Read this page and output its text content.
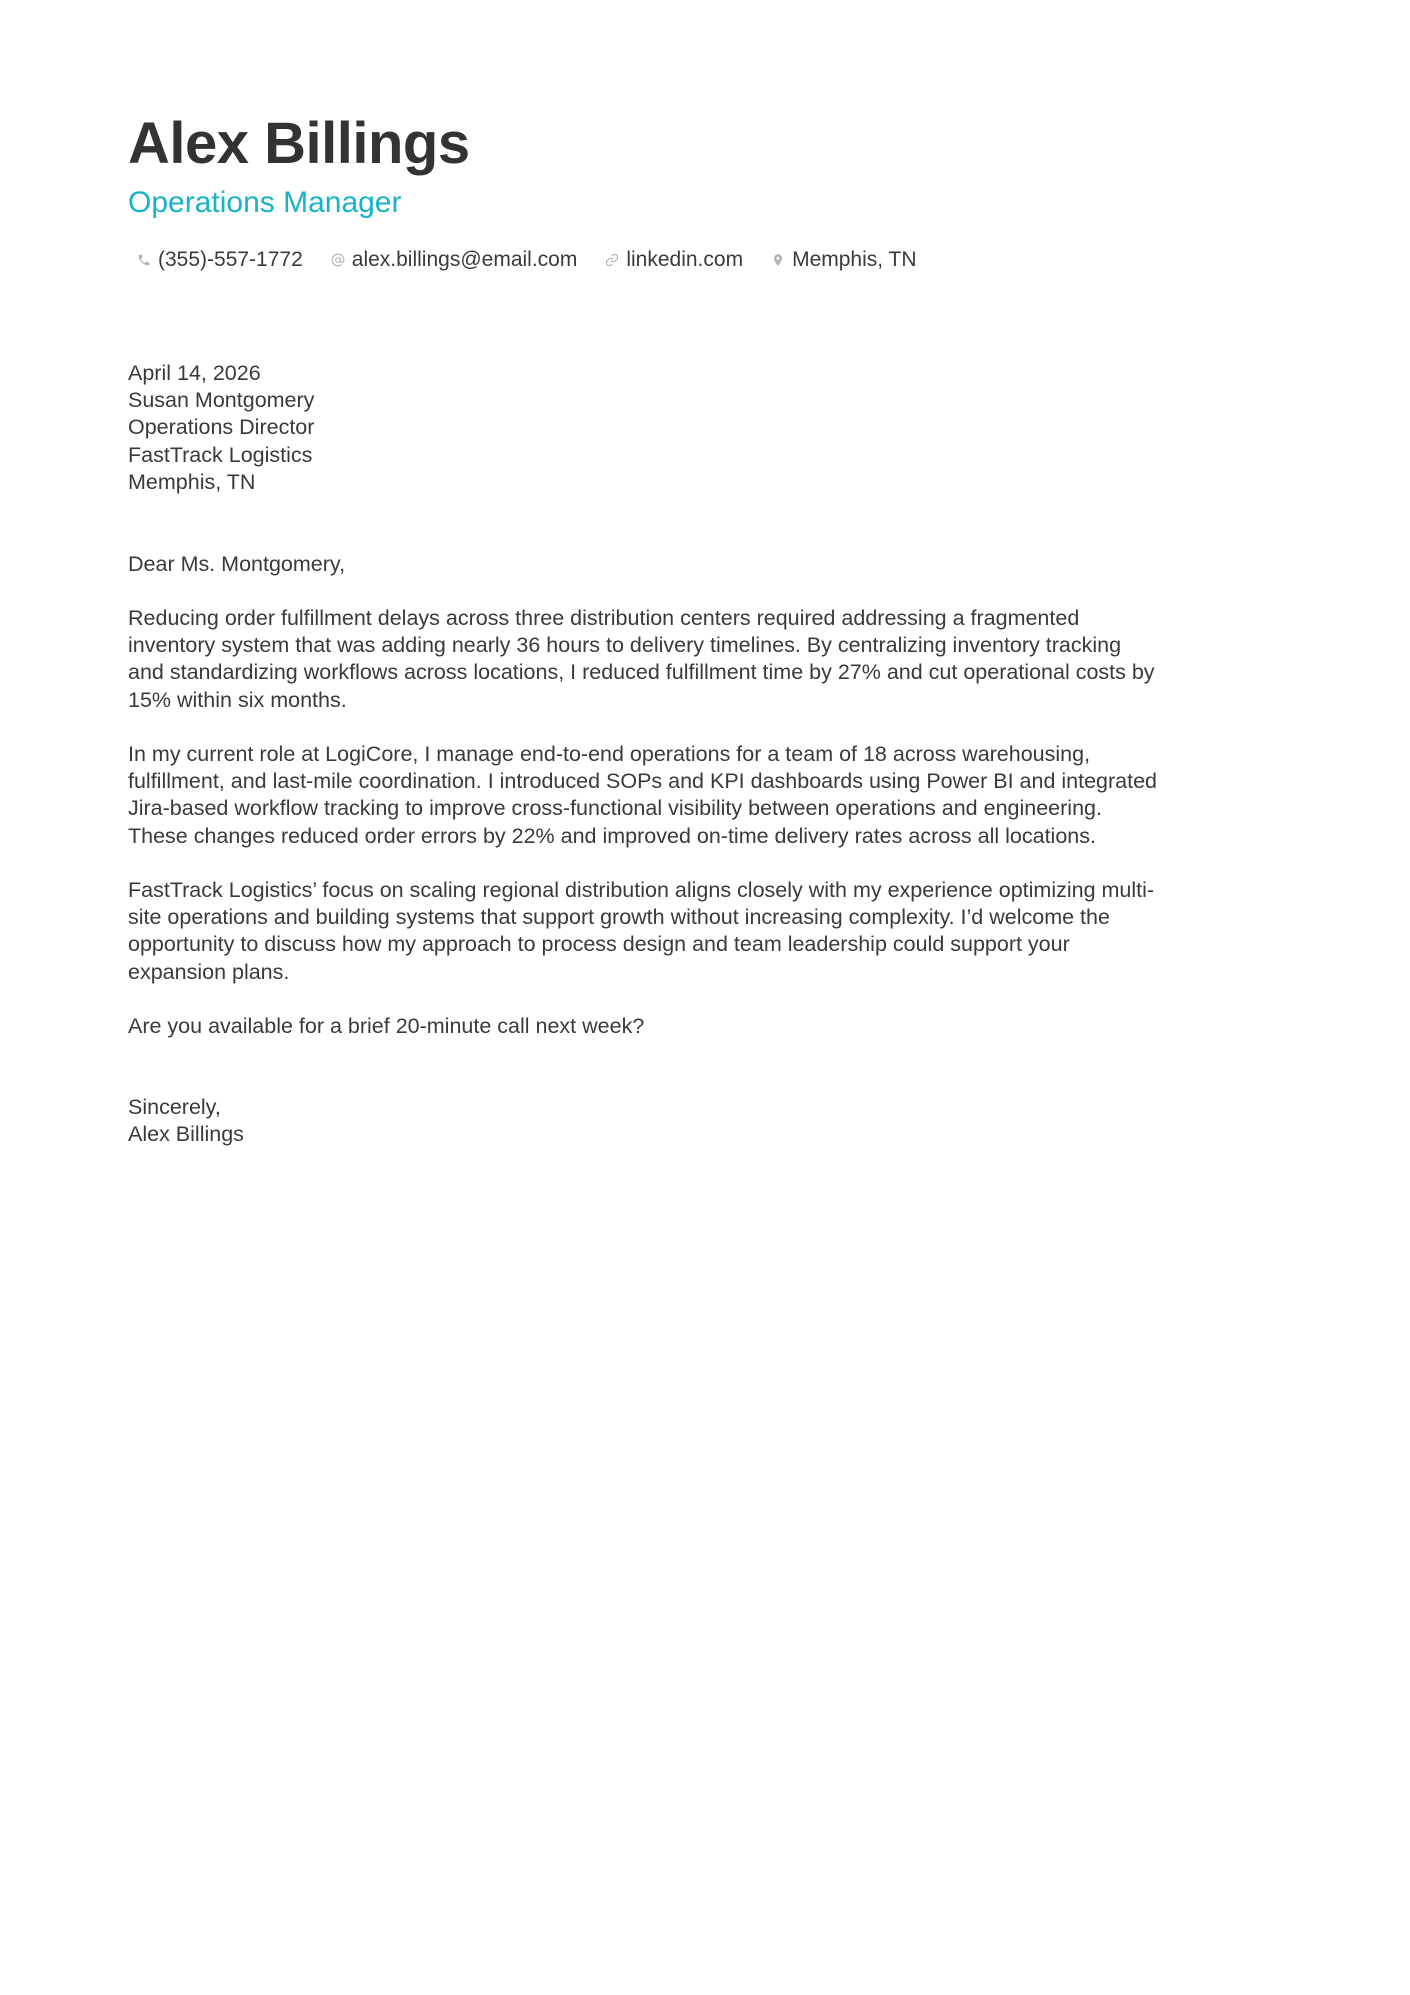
Alex Billings
Operations Manager
(355)-557-1772 alex.billings@email.com linkedin.com Memphis, TN
April 14, 2026
Susan Montgomery
Operations Director
FastTrack Logistics
Memphis, TN
Dear Ms. Montgomery,
Reducing order fulfillment delays across three distribution centers required addressing a fragmented
inventory system that was adding nearly 36 hours to delivery timelines. By centralizing inventory tracking
and standardizing workflows across locations, I reduced fulfillment time by 27% and cut operational costs by
15% within six months.
In my current role at LogiCore, I manage end-to-end operations for a team of 18 across warehousing,
fulfillment, and last-mile coordination. I introduced SOPs and KPI dashboards using Power BI and integrated
Jira-based workflow tracking to improve cross-functional visibility between operations and engineering.
These changes reduced order errors by 22% and improved on-time delivery rates across all locations.
FastTrack Logistics’ focus on scaling regional distribution aligns closely with my experience optimizing multi-
site operations and building systems that support growth without increasing complexity. I’d welcome the
opportunity to discuss how my approach to process design and team leadership could support your
expansion plans.
Are you available for a brief 20-minute call next week?
Sincerely,
Alex Billings
